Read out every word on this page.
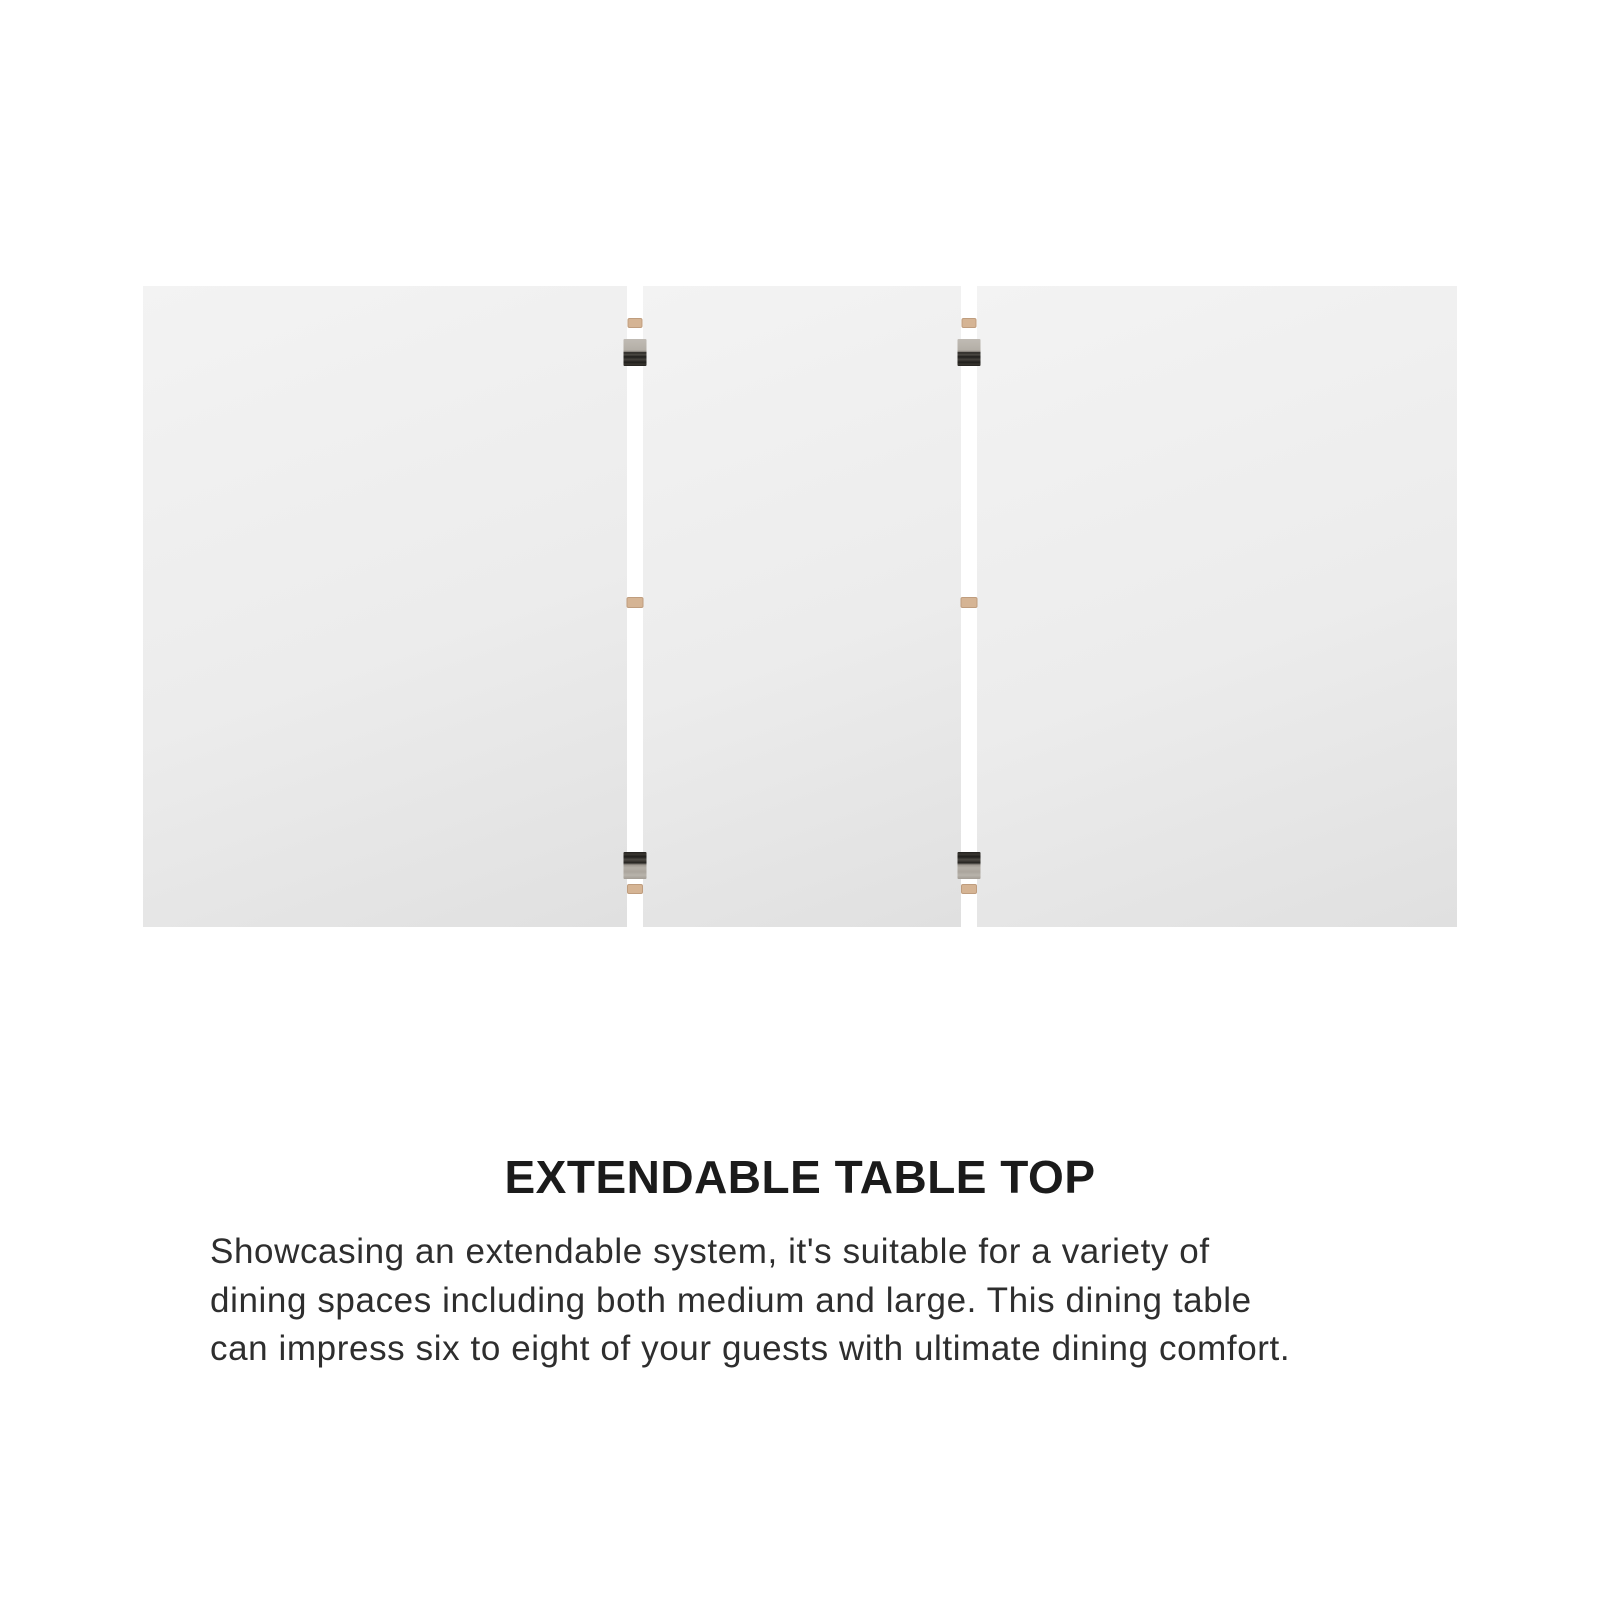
EXTENDABLE TABLE TOP
Showcasing an extendable system, it's suitable for a variety of
dining spaces including both medium and large. This dining table
can impress six to eight of your guests with ultimate dining comfort.
